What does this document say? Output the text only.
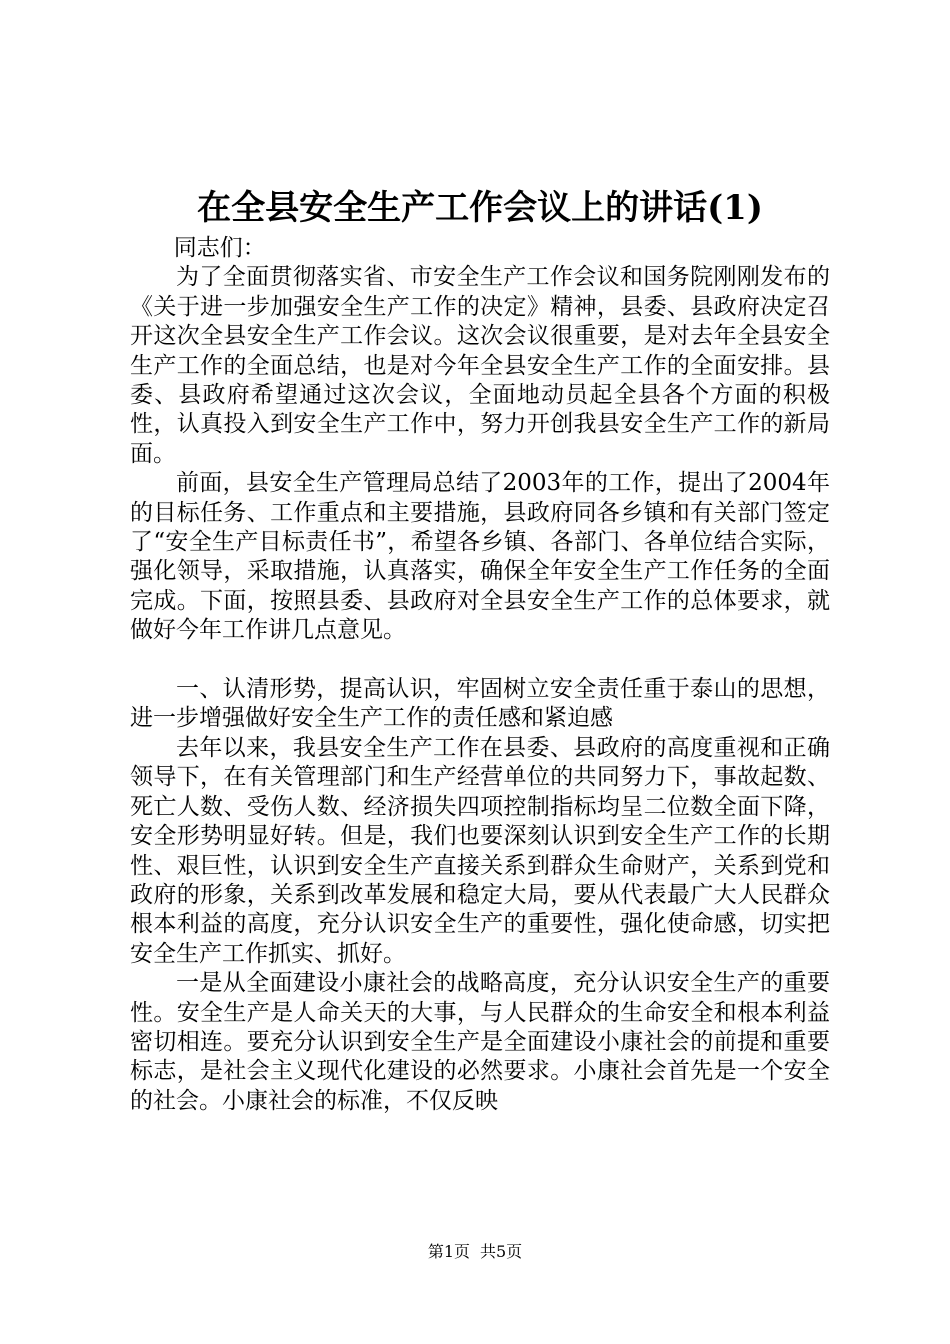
在全县安全生产工作会议上的讲话(1)

同志们：

为了全面贯彻落实省、市安全生产工作会议和国务院刚刚发布的《关于进一步加强安全生产工作的决定》精神，县委、县政府决定召开这次全县安全生产工作会议。这次会议很重要，是对去年全县安全生产工作的全面总结，也是对今年全县安全生产工作的全面安排。县委、县政府希望通过这次会议，全面地动员起全县各个方面的积极性，认真投入到安全生产工作中，努力开创我县安全生产工作的新局面。

前面，县安全生产管理局总结了2003年的工作，提出了2004年的目标任务、工作重点和主要措施，县政府同各乡镇和有关部门签定了“安全生产目标责任书”，希望各乡镇、各部门、各单位结合实际，强化领导，采取措施，认真落实，确保全年安全生产工作任务的全面完成。下面，按照县委、县政府对全县安全生产工作的总体要求，就做好今年工作讲几点意见。

一、认清形势，提高认识，牢固树立安全责任重于泰山的思想，进一步增强做好安全生产工作的责任感和紧迫感

去年以来，我县安全生产工作在县委、县政府的高度重视和正确领导下，在有关管理部门和生产经营单位的共同努力下，事故起数、死亡人数、受伤人数、经济损失四项控制指标均呈二位数全面下降，安全形势明显好转。但是，我们也要深刻认识到安全生产工作的长期性、艰巨性，认识到安全生产直接关系到群众生命财产，关系到党和政府的形象，关系到改革发展和稳定大局，要从代表最广大人民群众根本利益的高度，充分认识安全生产的重要性，强化使命感，切实把安全生产工作抓实、抓好。

一是从全面建设小康社会的战略高度，充分认识安全生产的重要性。安全生产是人命关天的大事，与人民群众的生命安全和根本利益密切相连。要充分认识到安全生产是全面建设小康社会的前提和重要标志，是社会主义现代化建设的必然要求。小康社会首先是一个安全的社会。小康社会的标准，不仅反映

第1页 共5页
